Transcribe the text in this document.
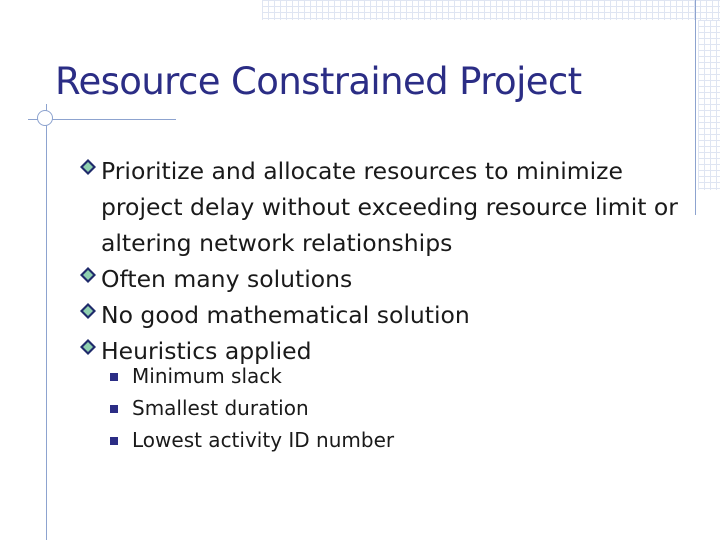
Resource Constrained Project
Prioritize and allocate resources to minimize project delay without exceeding resource limit or altering network relationships
Often many solutions
No good mathematical solution
Heuristics applied
Minimum slack
Smallest duration
Lowest activity ID number
